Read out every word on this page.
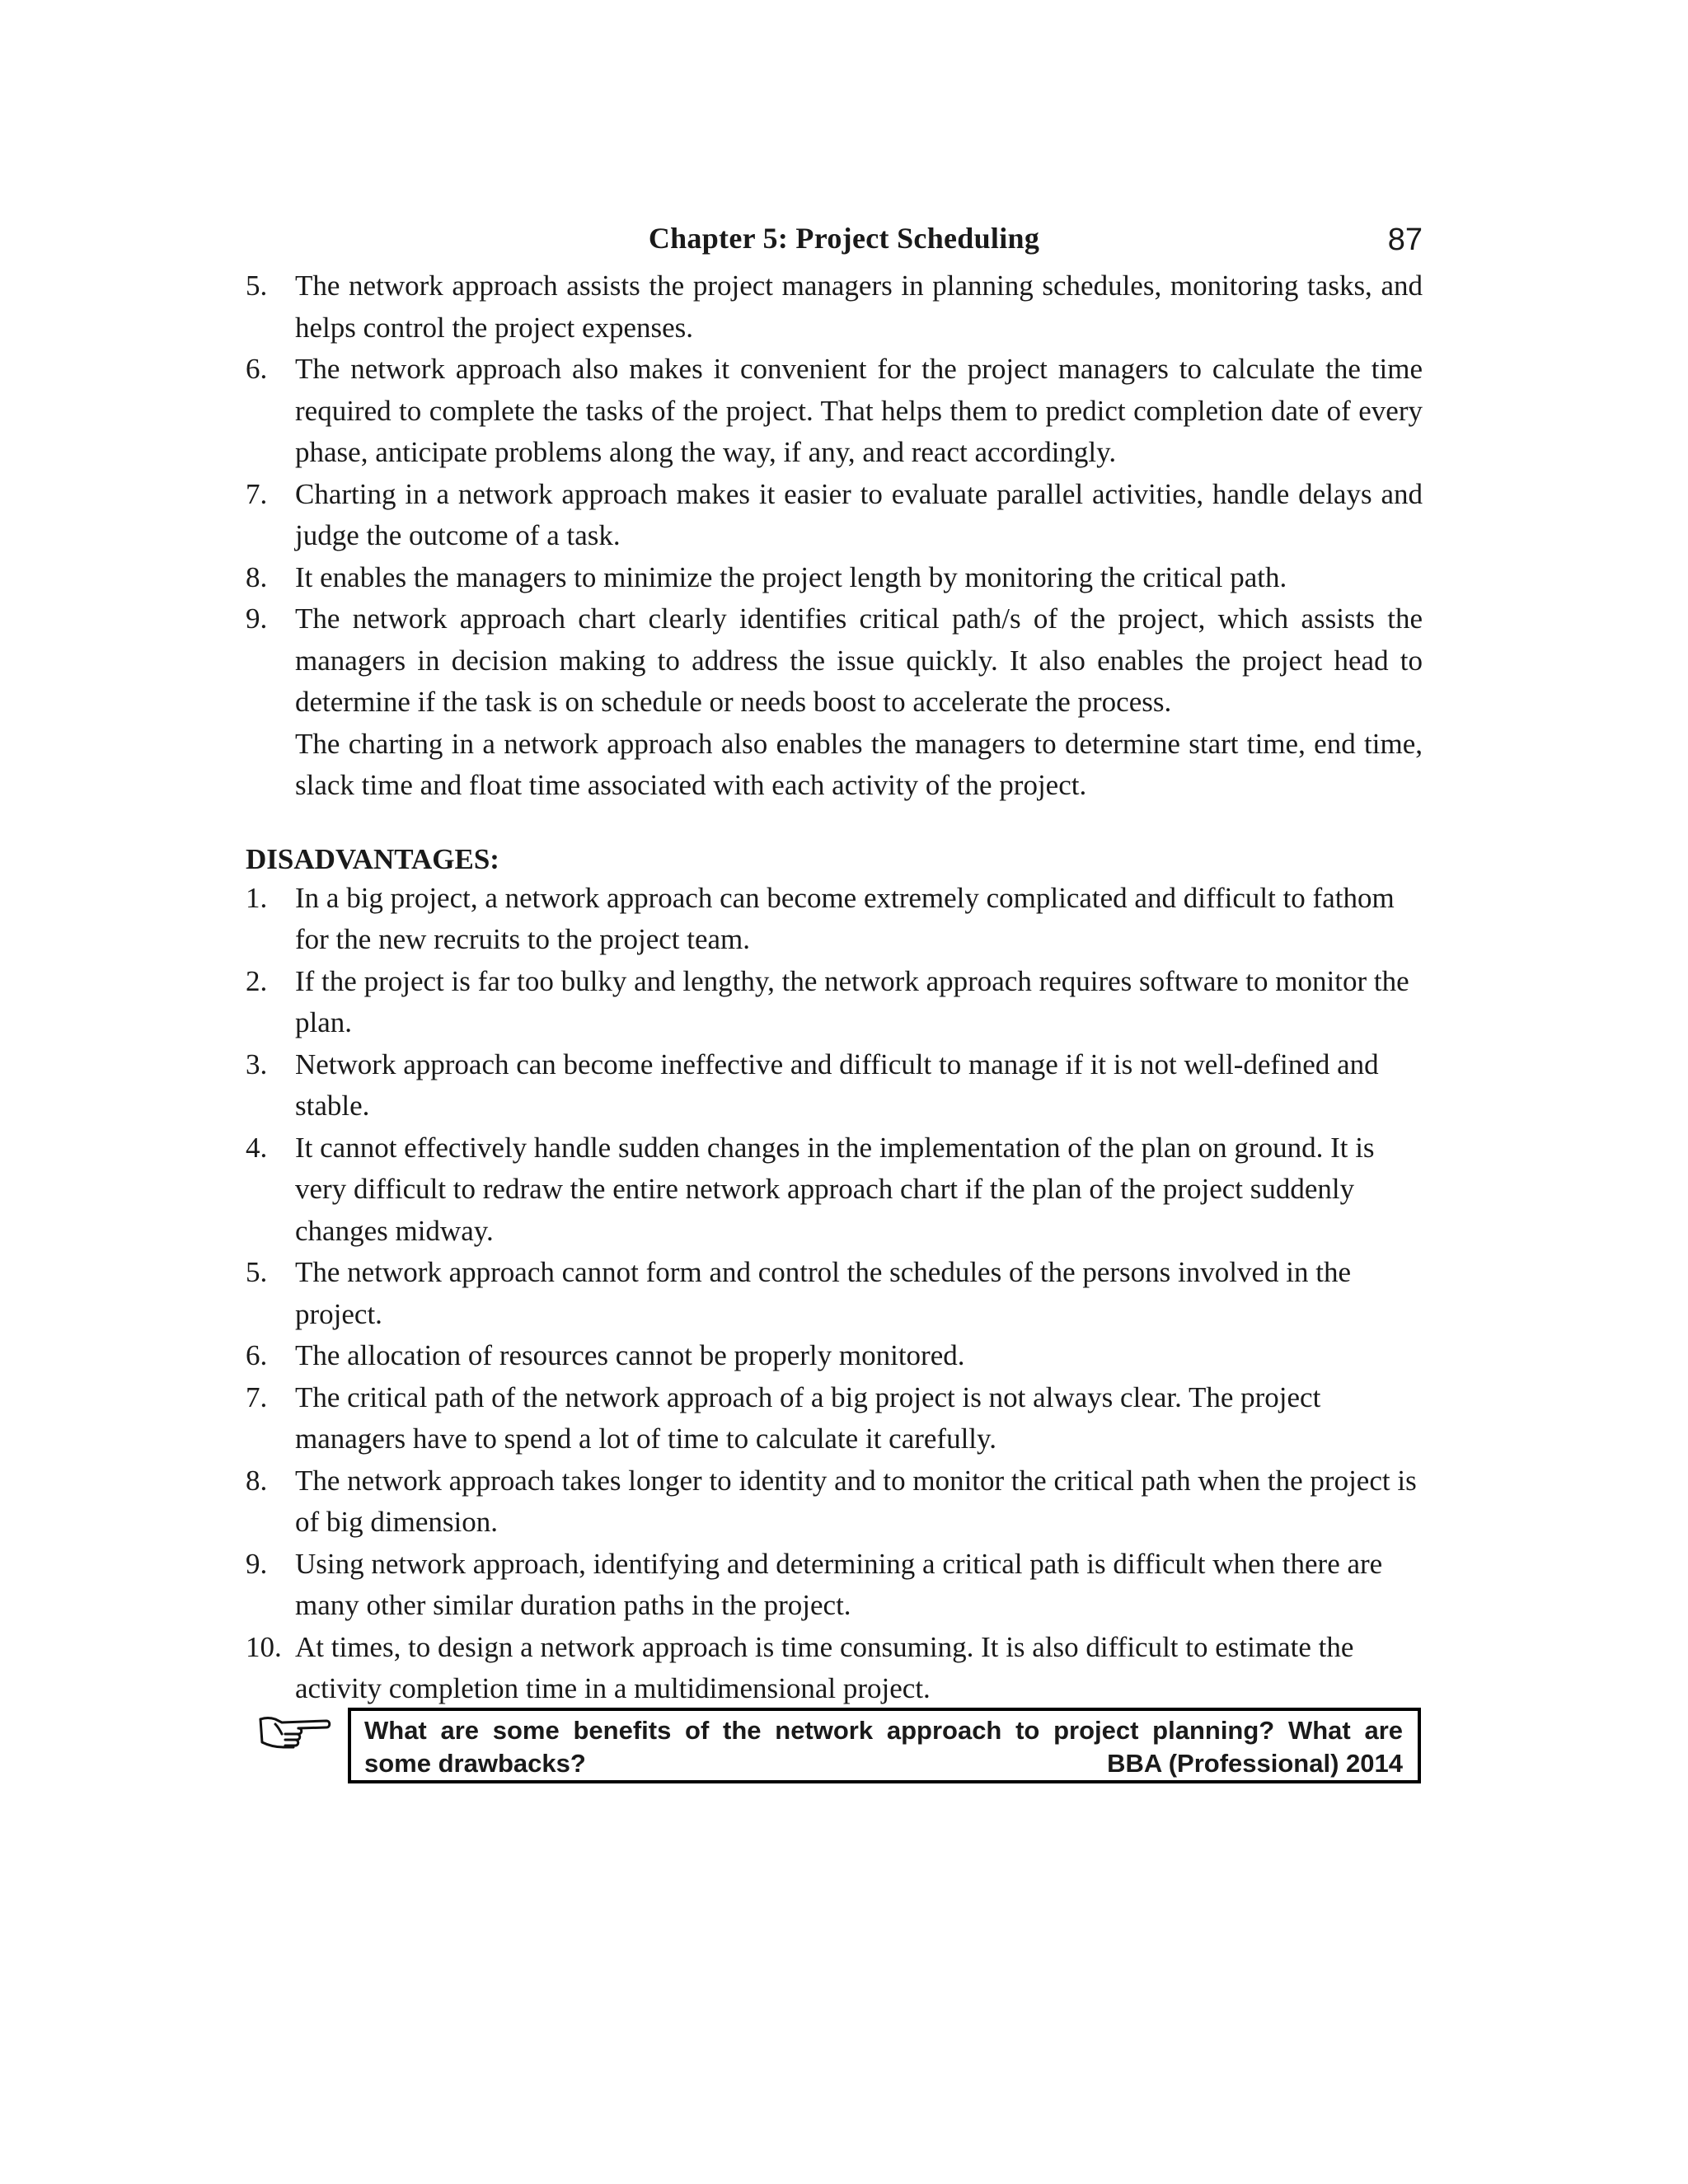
Chapter 5: Project Scheduling	87
5. The network approach assists the project managers in planning schedules, monitoring tasks, and helps control the project expenses.
6. The network approach also makes it convenient for the project managers to calculate the time required to complete the tasks of the project. That helps them to predict completion date of every phase, anticipate problems along the way, if any, and react accordingly.
7. Charting in a network approach makes it easier to evaluate parallel activities, handle delays and judge the outcome of a task.
8. It enables the managers to minimize the project length by monitoring the critical path.
9. The network approach chart clearly identifies critical path/s of the project, which assists the managers in decision making to address the issue quickly. It also enables the project head to determine if the task is on schedule or needs boost to accelerate the process.
The charting in a network approach also enables the managers to determine start time, end time, slack time and float time associated with each activity of the project.
DISADVANTAGES:
1. In a big project, a network approach can become extremely complicated and difficult to fathom for the new recruits to the project team.
2. If the project is far too bulky and lengthy, the network approach requires software to monitor the plan.
3. Network approach can become ineffective and difficult to manage if it is not well-defined and stable.
4. It cannot effectively handle sudden changes in the implementation of the plan on ground. It is very difficult to redraw the entire network approach chart if the plan of the project suddenly changes midway.
5. The network approach cannot form and control the schedules of the persons involved in the project.
6. The allocation of resources cannot be properly monitored.
7. The critical path of the network approach of a big project is not always clear. The project managers have to spend a lot of time to calculate it carefully.
8. The network approach takes longer to identity and to monitor the critical path when the project is of big dimension.
9. Using network approach, identifying and determining a critical path is difficult when there are many other similar duration paths in the project.
10. At times, to design a network approach is time consuming. It is also difficult to estimate the activity completion time in a multidimensional project.
What are some benefits of the network approach to project planning? What are
some drawbacks?	BBA (Professional) 2014
